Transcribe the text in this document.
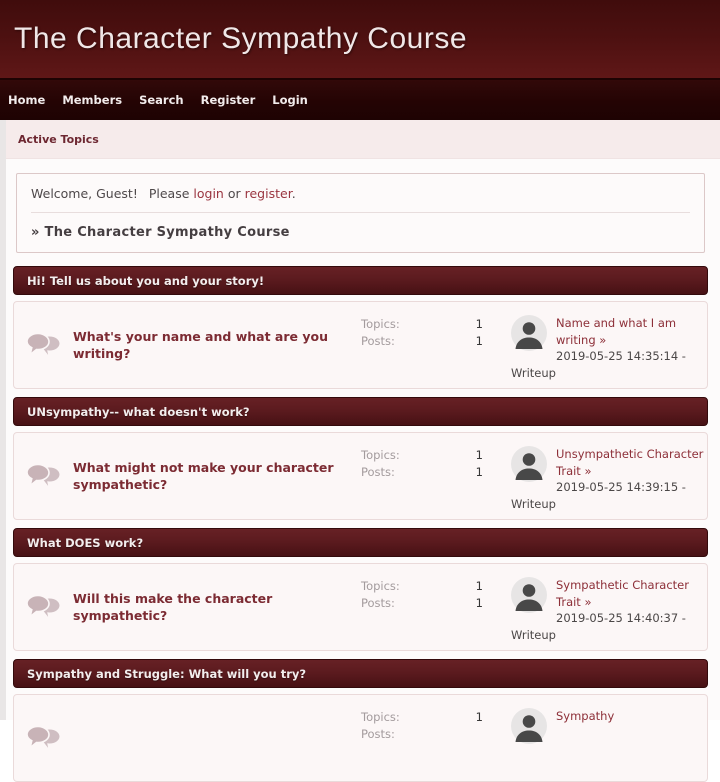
The Character Sympathy Course
Home Members Search Register Login
Active Topics
Welcome, Guest! Please login or register.
» The Character Sympathy Course
Hi! Tell us about you and your story!
What's your name and what are you writing?
Topics:	1
Posts:	1
Name and what I am writing »
2019-05-25 14:35:14 - Writeup
UNsympathy-- what doesn't work?
What might not make your character sympathetic?
Topics:	1
Posts:	1
Unsympathetic Character Trait »
2019-05-25 14:39:15 - Writeup
What DOES work?
Will this make the character sympathetic?
Topics:	1
Posts:	1
Sympathetic Character Trait »
2019-05-25 14:40:37 - Writeup
Sympathy and Struggle: What will you try?
Topics:	1
Posts:
Sympathy
